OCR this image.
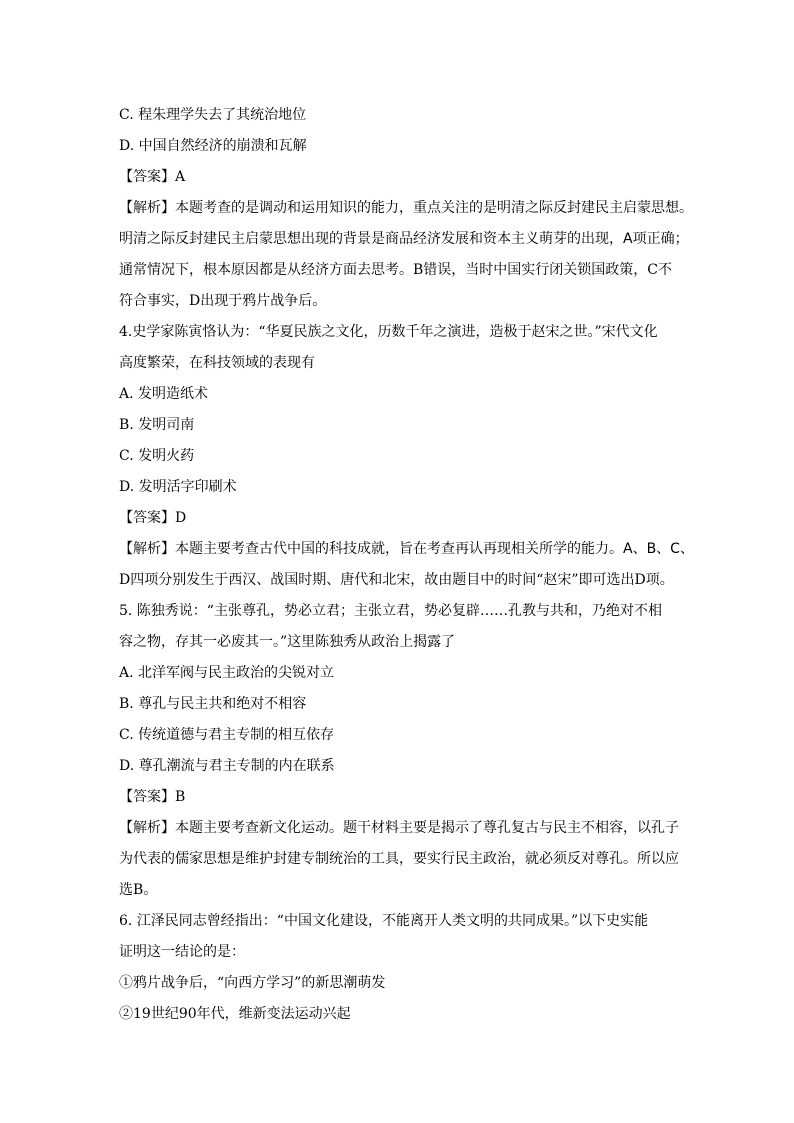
C. 程朱理学失去了其统治地位
D. 中国自然经济的崩溃和瓦解
【答案】A
【解析】本题考查的是调动和运用知识的能力，重点关注的是明清之际反封建民主启蒙思想。
明清之际反封建民主启蒙思想出现的背景是商品经济发展和资本主义萌芽的出现，A项正确；
通常情况下，根本原因都是从经济方面去思考。B错误，当时中国实行闭关锁国政策，C不
符合事实，D出现于鸦片战争后。
4.史学家陈寅恪认为：“华夏民族之文化，历数千年之演进，造极于赵宋之世。”宋代文化
高度繁荣，在科技领域的表现有
A. 发明造纸术
B. 发明司南
C. 发明火药
D. 发明活字印刷术
【答案】D
【解析】本题主要考查古代中国的科技成就，旨在考查再认再现相关所学的能力。A、B、C、
D四项分别发生于西汉、战国时期、唐代和北宋，故由题目中的时间“赵宋”即可选出D项。
5. 陈独秀说：“主张尊孔，势必立君；主张立君，势必复辟……孔教与共和，乃绝对不相
容之物，存其一必废其一。”这里陈独秀从政治上揭露了
A. 北洋军阀与民主政治的尖锐对立
B. 尊孔与民主共和绝对不相容
C. 传统道德与君主专制的相互依存
D. 尊孔潮流与君主专制的内在联系
【答案】B
【解析】本题主要考查新文化运动。题干材料主要是揭示了尊孔复古与民主不相容，以孔子
为代表的儒家思想是维护封建专制统治的工具，要实行民主政治，就必须反对尊孔。所以应
选B。
6. 江泽民同志曾经指出：“中国文化建设，不能离开人类文明的共同成果。”以下史实能
证明这一结论的是：
①鸦片战争后，“向西方学习”的新思潮萌发
②19世纪90年代，维新变法运动兴起
